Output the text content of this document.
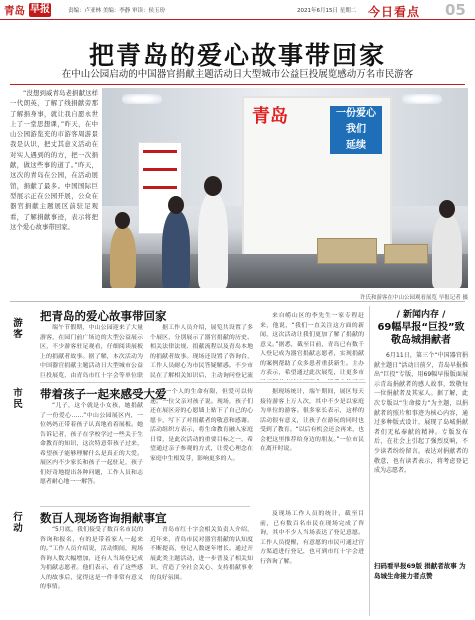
青岛 早报	责编：卢亚林 美编：李静 审读：侯玉玢	2021年6月15日 星期二 今日看点 05
把青岛的爱心故事带回家
在中山公园启动的中国器官捐献主题活动日大型城市公益巨投展览感动万名市民游客
“没想到威青岛老捐献这样一代朗英，了解了线捐献旁那了解捐身事，就让我自愿永世上了一堂思想课，”昨天，在中山公园游览充的市游客周游景我是认识，把丈其意义活动在对实人遇到的的方，把一次捐献，做这些事的道了。”昨天，这次的青岛在公园，在活动展馆，捐献了最多。中国国际巨型展示正在公园开展，公众在器官捐献主题展区前驻足观看，了解捐献事迹，表示将把这个爱心故事带回家。
青岛	一份爱心
我们
延续
许氏和游客在中山公园观看展览 早报记者 摄
游
客
市
民
行
动
把青岛的爱心故事带回家

端午节假期，中山公园迎来了大量游客，在园门前广场边的大型公益展示区，不少游客驻足观看，仔细阅读展板上的捐献者故事。据了解，本次活动为中国器官捐献主题活动日大型城市公益巨投展览，由青岛市红十字会等单位联

据工作人员介绍，展览共设置了多个展区，分别展示了器官捐献的历史、相关法律法规、捐献流程以及青岛本地的捐献者故事。现场还设置了咨询台，工作人员耐心为市民答疑解惑。不少市民在了解相关知识后，主动询问登记流

来自崂山区的李先生一家专程赶来，他说，“我们一直关注这方面的新闻，这次活动让我们更加了解了捐献的意义。”据悉，截至目前，青岛已有数千人登记成为器官捐献志愿者，实现捐献的案例帮助了众多患者重获新生。主办方表示，希望通过此次展览，让更多市

带着孩子一起来感受大爱

“儿子，这个就是小女孩，她捐献了一份爱心……”中山公园展区内，一位妈妈正带着孩子认真地看着展板。她告诉记者，孩子在学校学过一些关于生命教育的知识，这次特意带孩子过来，希望孩子能够理解什么是真正的大爱。展区内不少家长和孩子一起驻足，孩子们好奇地提出各种问题，工作人员和志愿者耐心地一一解答。

“一个人的生命有限，但爱可以传递。”一位父亲对孩子说。现场，孩子们还在展区旁的心愿墙上贴下了自己的心愿卡，写下了对捐献者的敬意和感谢。活动组织方表示，将生命教育融入家庭日常，是此次活动的重要目标之一，希望通过亲子参观的方式，让爱心理念在家庭中生根发芽，影响更多的人。

据现场统计，端午期间，展区每天接待游客上万人次，其中不少是以家庭为单位的游客。很多家长表示，这样的活动很有意义，让孩子在游玩的同时也受到了教育。“以后有机会还会再来，也会把这里推荐给身边的朋友。”一位市民在离开时说。

数百人现场咨询捐献事宜

“5月底，我们接受了数百名市民的咨询和报名，有的是带着家人一起来的。”工作人员介绍说，活动期间，现场咨询人数大幅增加，还有人当场登记成为捐献志愿者。他们表示，看了这些感人的故事后，觉得这是一件非常有意义的事情。

青岛市红十字会相关负责人介绍，近年来，青岛市民对器官捐献的认知度不断提高，登记人数逐年增长。通过开展此类主题活动，进一步普及了相关知识，营造了全社会关心、支持捐献事业的良好氛围。

及现场工作人员的统计，截至目前，已有数百名市民在现场完成了咨询，其中不少人当场表达了登记意愿。工作人员提醒，有意愿的市民可通过官方渠道进行登记，也可到市红十字会进行咨询了解。

/ 新闻内存 /
69幅早报“巨投”致敬岛城捐献者

6月11日，第三个“中国器官捐献主题日”活动日前夕，青岛早报推出“巨投”专版，用69幅早报版面展示青岛捐献者的感人故事，致敬每一位捐献者及其家人。据了解，此次专版以“生命接力”为主题，以捐献者的照片和事迹为核心内容，通过多种版式设计，展现了岛城捐献者们无私奉献的精神。专版发布后，在社会上引起了强烈反响，不少读者纷纷留言，表达对捐献者的敬意，也有读者表示，将考虑登记成为志愿者。

扫码看早报69版 捐献者故事 为岛城生命接力者点赞
